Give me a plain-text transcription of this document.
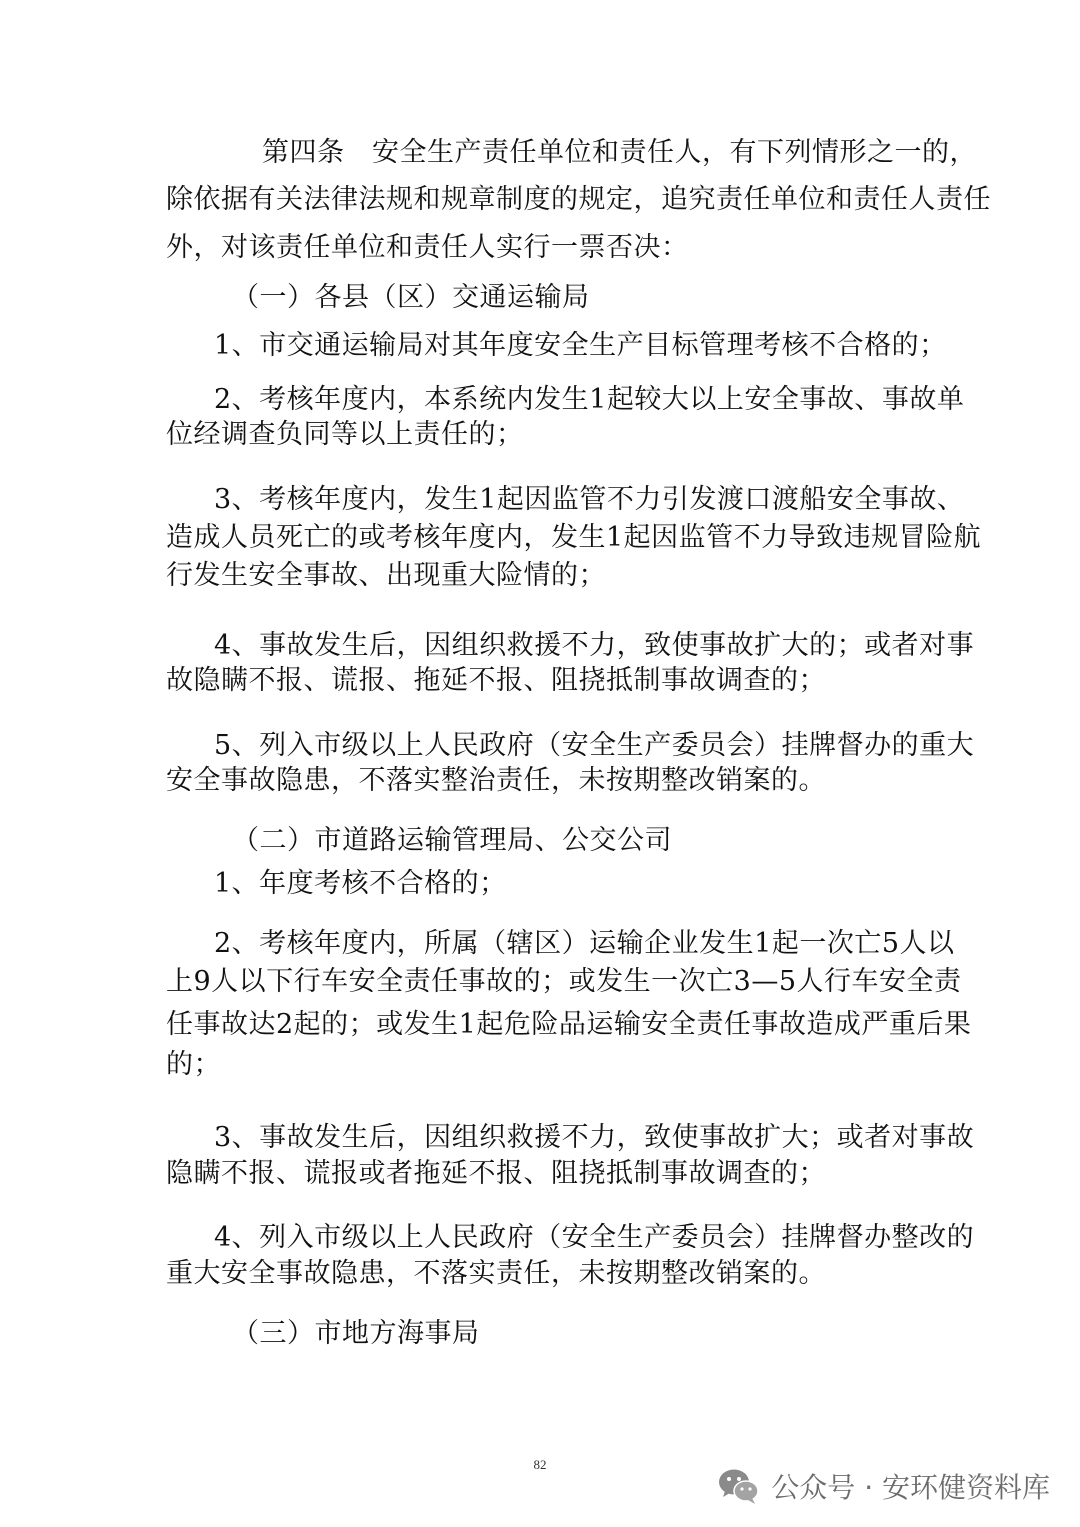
第四条　安全生产责任单位和责任人，有下列情形之一的，
除依据有关法律法规和规章制度的规定，追究责任单位和责任人责任
外，对该责任单位和责任人实行一票否决：
（一）各县（区）交通运输局
1、市交通运输局对其年度安全生产目标管理考核不合格的；
2、考核年度内，本系统内发生1起较大以上安全事故、事故单
位经调查负同等以上责任的；
3、考核年度内，发生1起因监管不力引发渡口渡船安全事故、
造成人员死亡的或考核年度内，发生1起因监管不力导致违规冒险航
行发生安全事故、出现重大险情的；
4、事故发生后，因组织救援不力，致使事故扩大的；或者对事
故隐瞒不报、谎报、拖延不报、阻挠抵制事故调查的；
5、列入市级以上人民政府（安全生产委员会）挂牌督办的重大
安全事故隐患，不落实整治责任，未按期整改销案的。
（二）市道路运输管理局、公交公司
1、年度考核不合格的；
2、考核年度内，所属（辖区）运输企业发生1起一次亡5人以
上9人以下行车安全责任事故的；或发生一次亡3—5人行车安全责
任事故达2起的；或发生1起危险品运输安全责任事故造成严重后果
的；
3、事故发生后，因组织救援不力，致使事故扩大；或者对事故
隐瞒不报、谎报或者拖延不报、阻挠抵制事故调查的；
4、列入市级以上人民政府（安全生产委员会）挂牌督办整改的
重大安全事故隐患，不落实责任，未按期整改销案的。
（三）市地方海事局
82
公众号 · 安环健资料库
